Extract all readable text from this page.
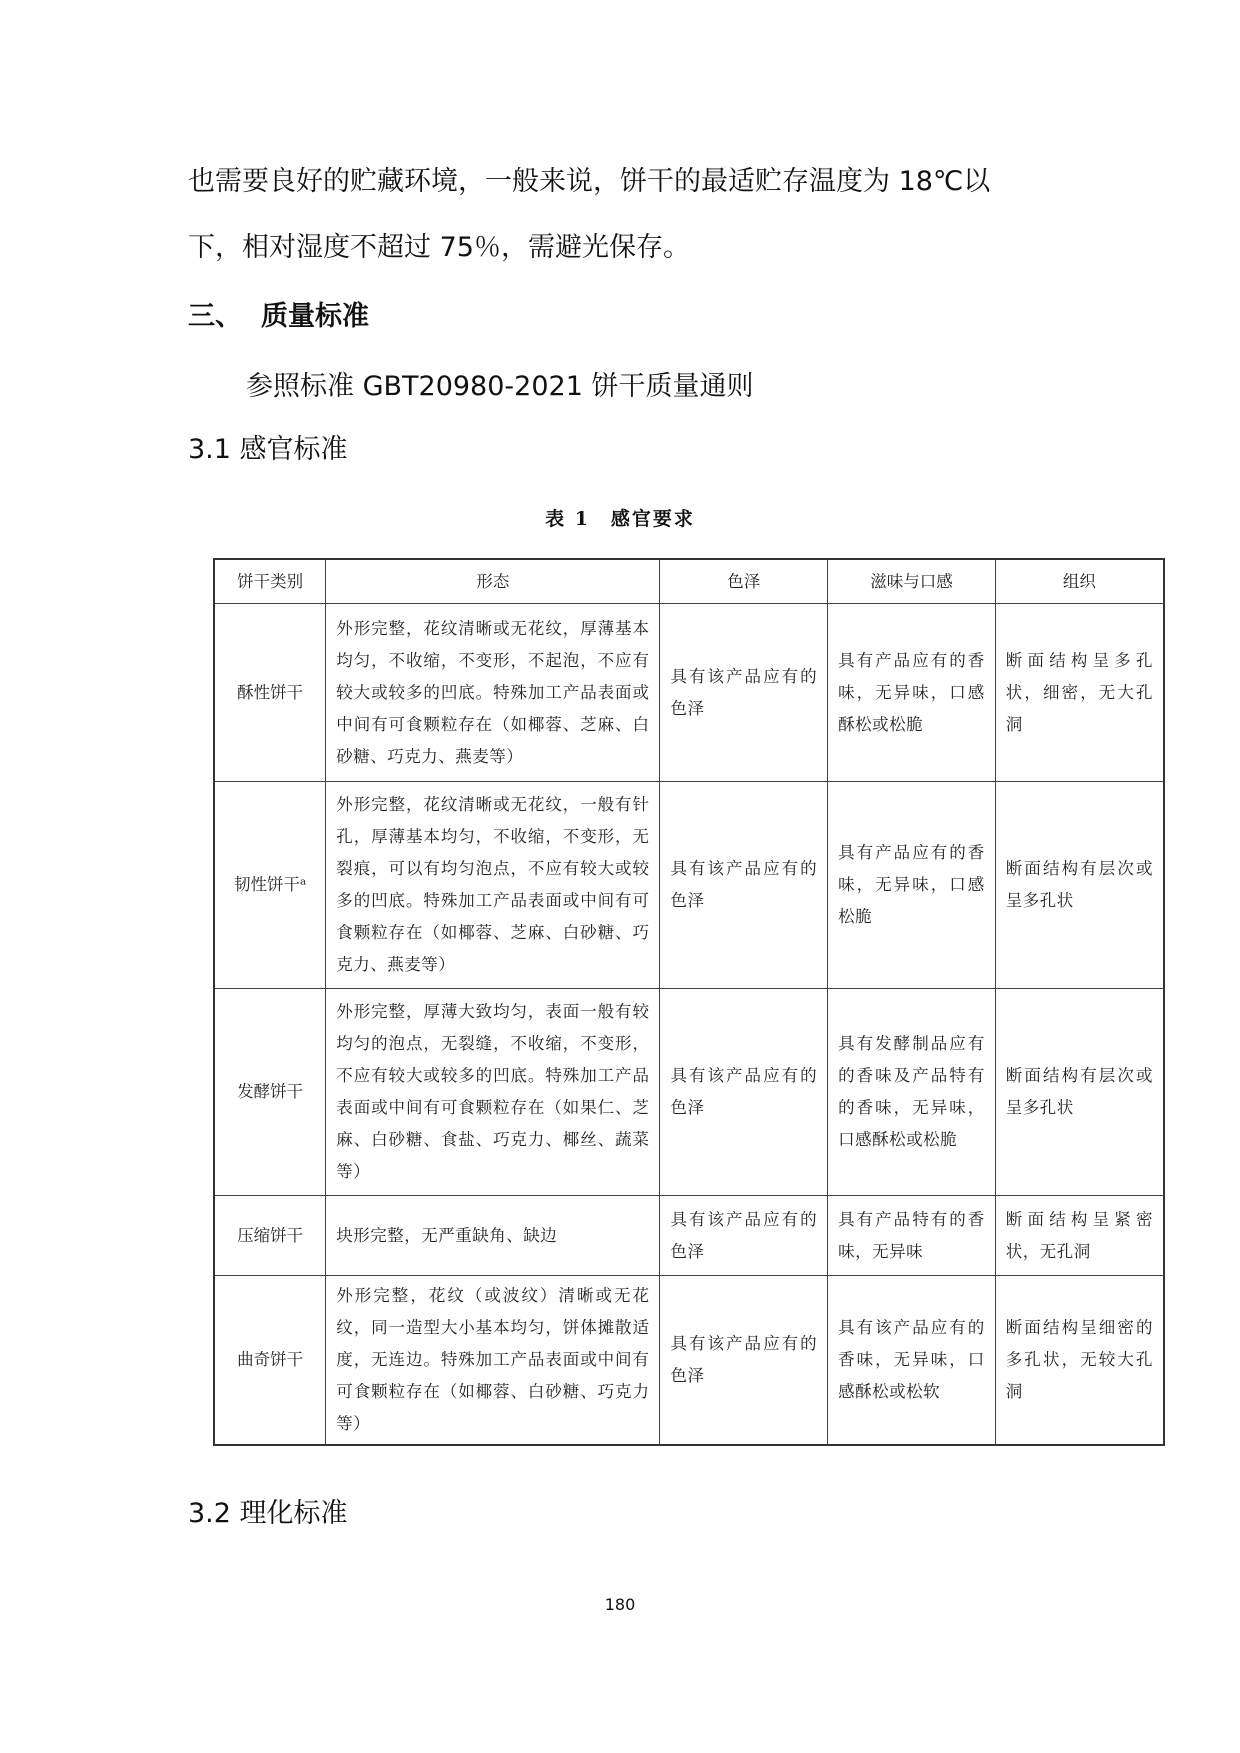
也需要良好的贮藏环境，一般来说，饼干的最适贮存温度为 18℃以
下，相对湿度不超过 75％，需避光保存。
三、 质量标准
参照标准 GBT20980-2021 饼干质量通则
3.1 感官标准
表 1　感官要求
饼干类别	形态	色泽	滋味与口感	组织
酥性饼干	外形完整，花纹清晰或无花纹，厚薄基本均匀，不收缩，不变形，不起泡，不应有较大或较多的凹底。特殊加工产品表面或中间有可食颗粒存在（如椰蓉、芝麻、白砂糖、巧克力、燕麦等）	具有该产品应有的色泽	具有产品应有的香味，无异味，口感酥松或松脆	断面结构呈多孔状，细密，无大孔洞
韧性饼干ᵃ	外形完整，花纹清晰或无花纹，一般有针孔，厚薄基本均匀，不收缩，不变形，无裂痕，可以有均匀泡点，不应有较大或较多的凹底。特殊加工产品表面或中间有可食颗粒存在（如椰蓉、芝麻、白砂糖、巧克力、燕麦等）	具有该产品应有的色泽	具有产品应有的香味，无异味，口感松脆	断面结构有层次或呈多孔状
发酵饼干	外形完整，厚薄大致均匀，表面一般有较均匀的泡点，无裂缝，不收缩，不变形，不应有较大或较多的凹底。特殊加工产品表面或中间有可食颗粒存在（如果仁、芝麻、白砂糖、食盐、巧克力、椰丝、蔬菜等）	具有该产品应有的色泽	具有发酵制品应有的香味及产品特有的香味，无异味，口感酥松或松脆	断面结构有层次或呈多孔状
压缩饼干	块形完整，无严重缺角、缺边	具有该产品应有的色泽	具有产品特有的香味，无异味	断面结构呈紧密状，无孔洞
曲奇饼干	外形完整，花纹（或波纹）清晰或无花纹，同一造型大小基本均匀，饼体摊散适度，无连边。特殊加工产品表面或中间有可食颗粒存在（如椰蓉、白砂糖、巧克力等）	具有该产品应有的色泽	具有该产品应有的香味，无异味，口感酥松或松软	断面结构呈细密的多孔状，无较大孔洞
3.2 理化标准
180
